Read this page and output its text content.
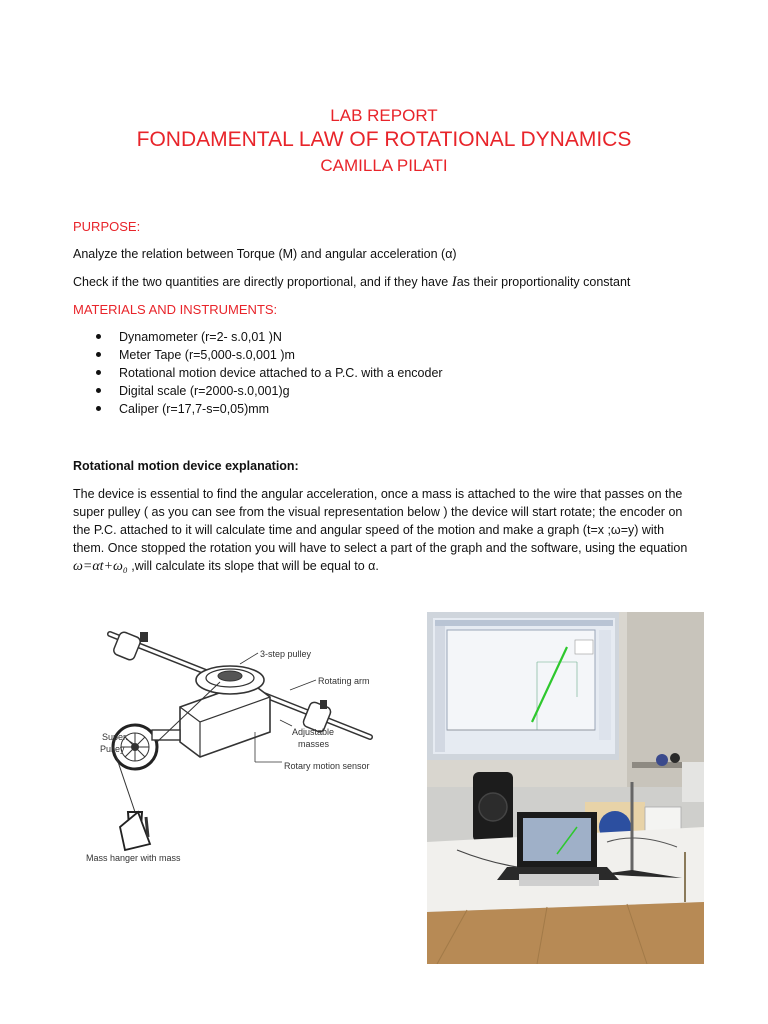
LAB REPORT
FONDAMENTAL LAW OF ROTATIONAL DYNAMICS
CAMILLA PILATI
PURPOSE:
Analyze the relation between Torque (M) and angular acceleration (α)
Check if the two quantities are directly proportional, and if they have Ias their proportionality constant
MATERIALS AND INSTRUMENTS:
Dynamometer (r=2- s.0,01 )N
Meter Tape (r=5,000-s.0,001 )m
Rotational motion device attached to a P.C. with a encoder
Digital scale (r=2000-s.0,001)g
Caliper (r=17,7-s=0,05)mm
Rotational motion device explanation:
The device is essential to find the angular acceleration, once a mass is attached to the wire that passes on the super pulley ( as you can see from the visual representation below ) the device will start rotate; the encoder on the P.C. attached to it will calculate time and angular speed of the motion and make a graph (t=x ;ω=y) with them. Once stopped the rotation you will have to select a part of the graph and the software, using the equation ω=αt+ω₀ ,will calculate its slope that will be equal to α.
3-step pulley
Rotating arm
Adjustable
masses
Rotary motion sensor
Super
Pulley
Mass hanger with mass
